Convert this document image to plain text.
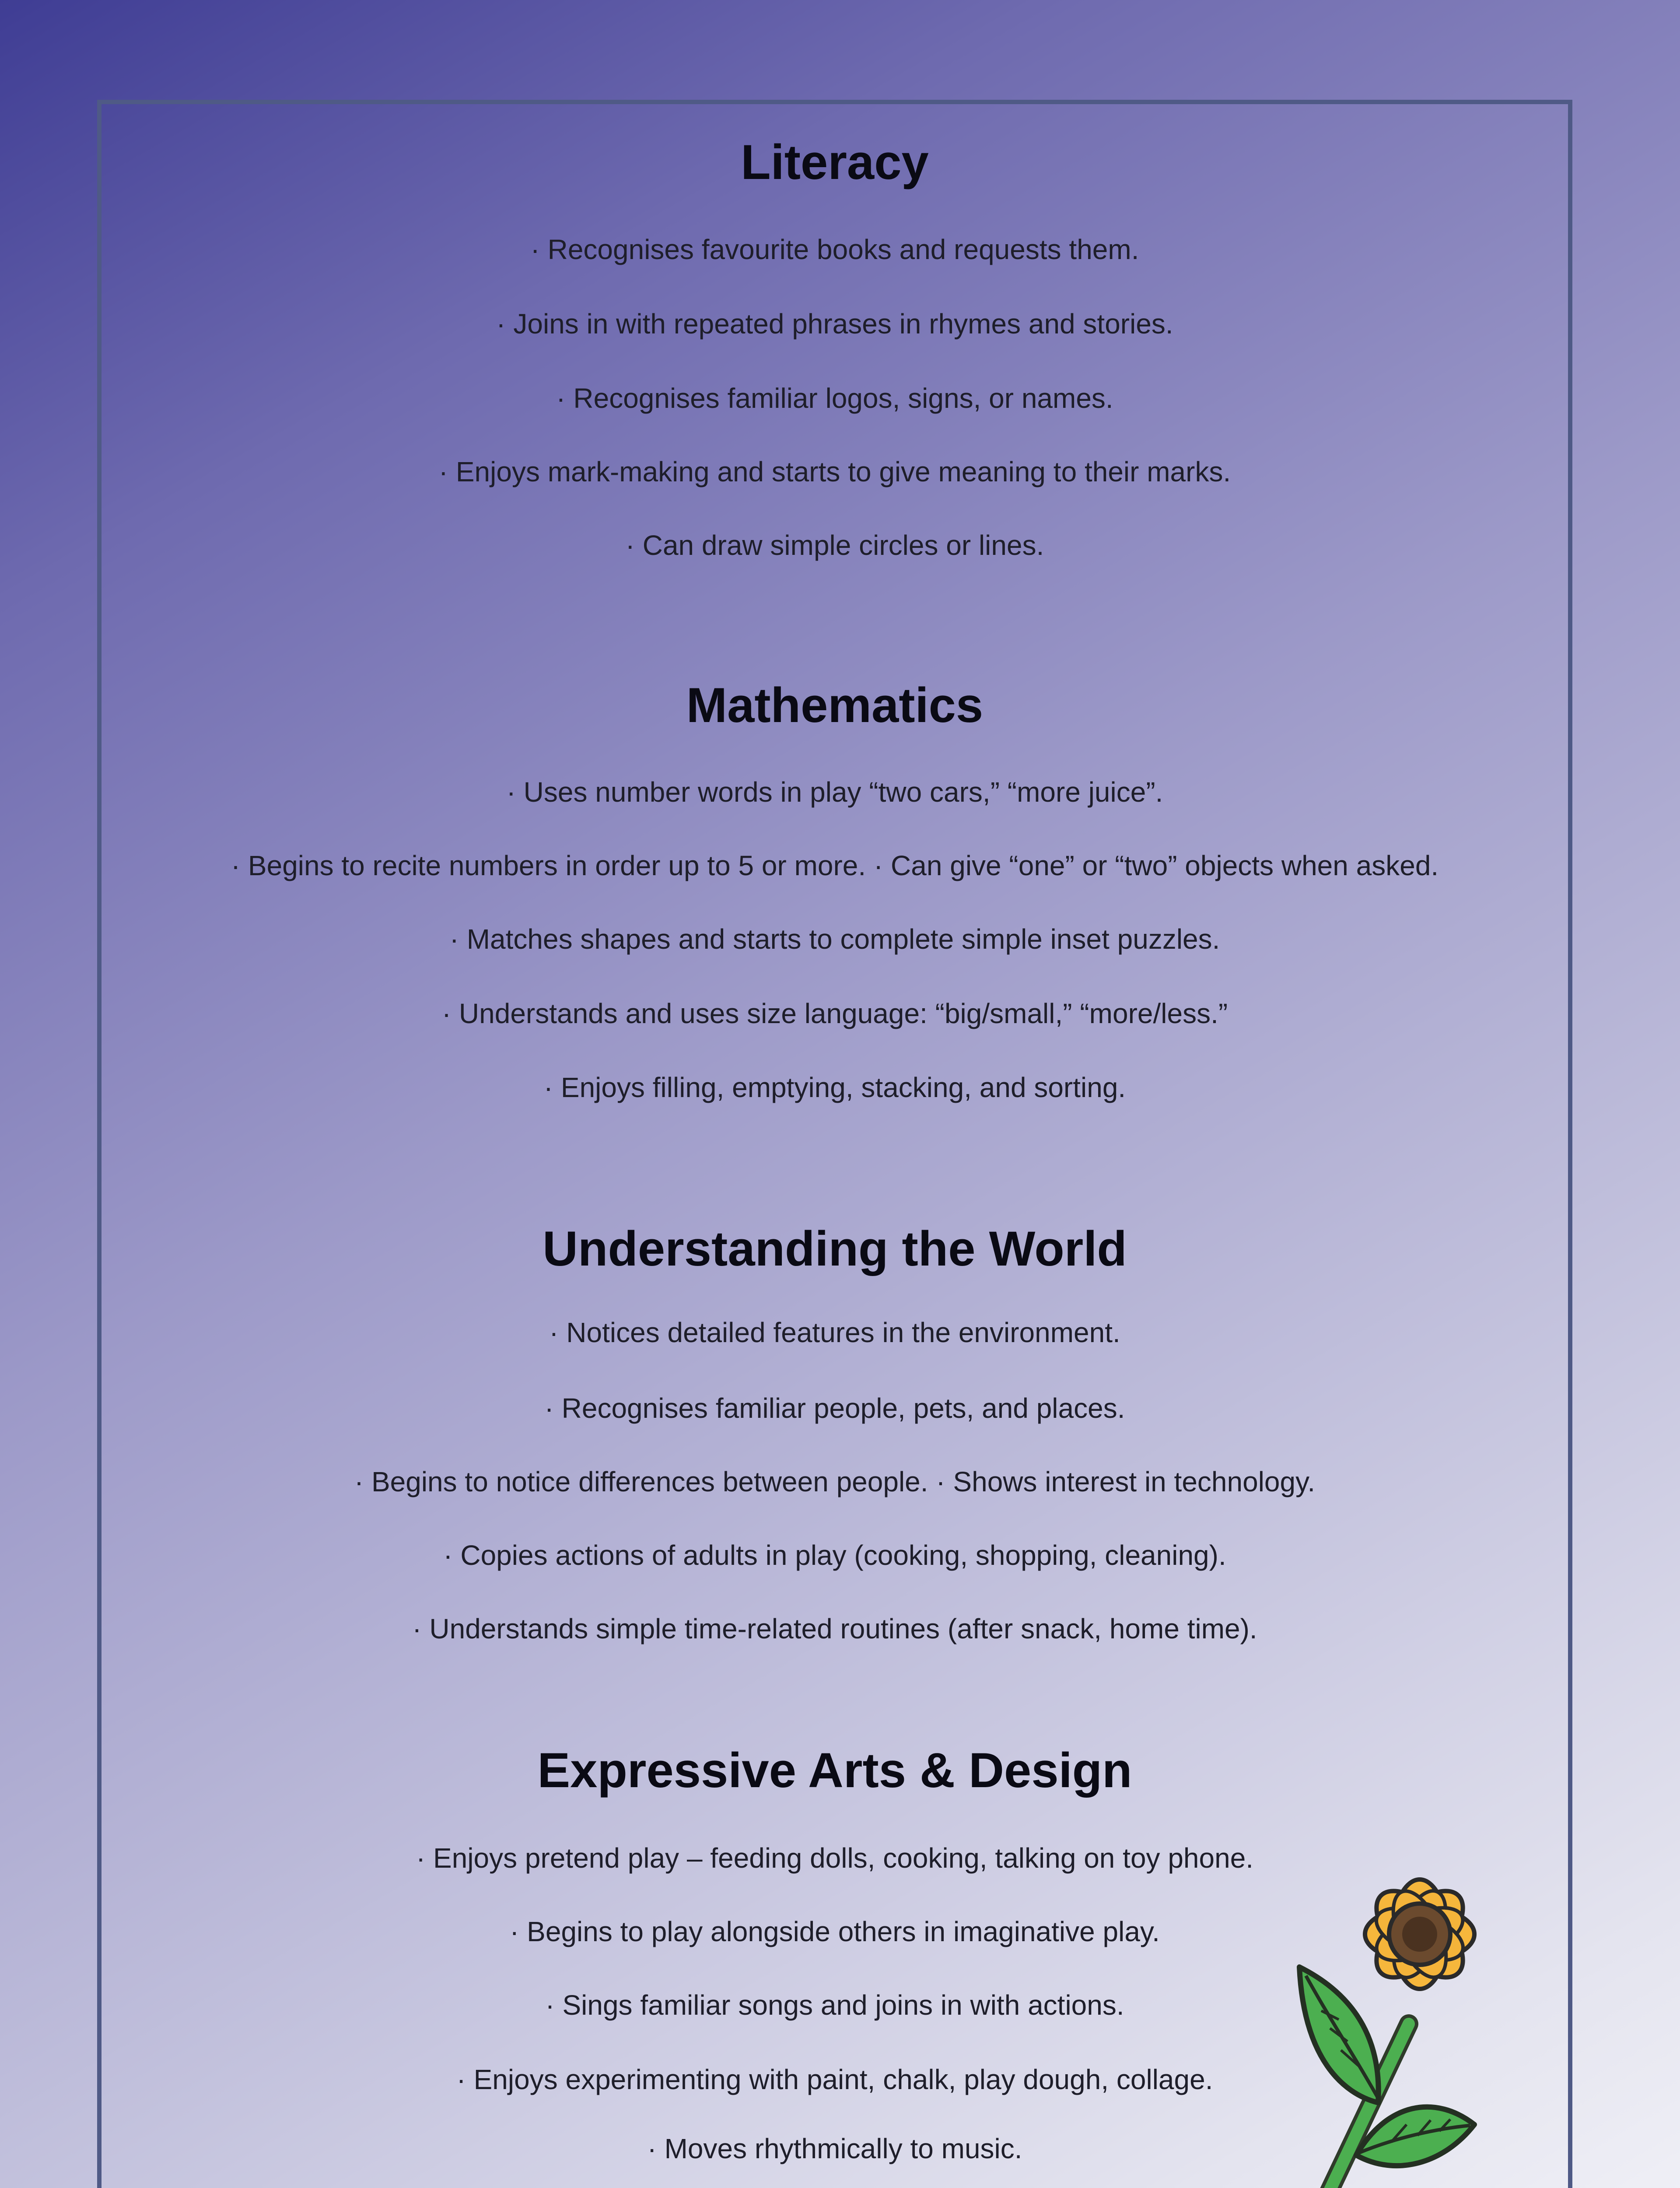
Literacy

· Recognises favourite books and requests them.

· Joins in with repeated phrases in rhymes and stories.

· Recognises familiar logos, signs, or names.

· Enjoys mark-making and starts to give meaning to their marks.

· Can draw simple circles or lines.

Mathematics

· Uses number words in play “two cars,” “more juice”.

· Begins to recite numbers in order up to 5 or more. · Can give “one” or “two” objects when asked.

· Matches shapes and starts to complete simple inset puzzles.

· Understands and uses size language: “big/small,” “more/less.”

· Enjoys filling, emptying, stacking, and sorting.

Understanding the World

· Notices detailed features in the environment.

· Recognises familiar people, pets, and places.

· Begins to notice differences between people. · Shows interest in technology.

· Copies actions of adults in play (cooking, shopping, cleaning).

· Understands simple time-related routines (after snack, home time).

Expressive Arts & Design

· Enjoys pretend play – feeding dolls, cooking, talking on toy phone.

· Begins to play alongside others in imaginative play.

· Sings familiar songs and joins in with actions.

· Enjoys experimenting with paint, chalk, play dough, collage.

· Moves rhythmically to music.
